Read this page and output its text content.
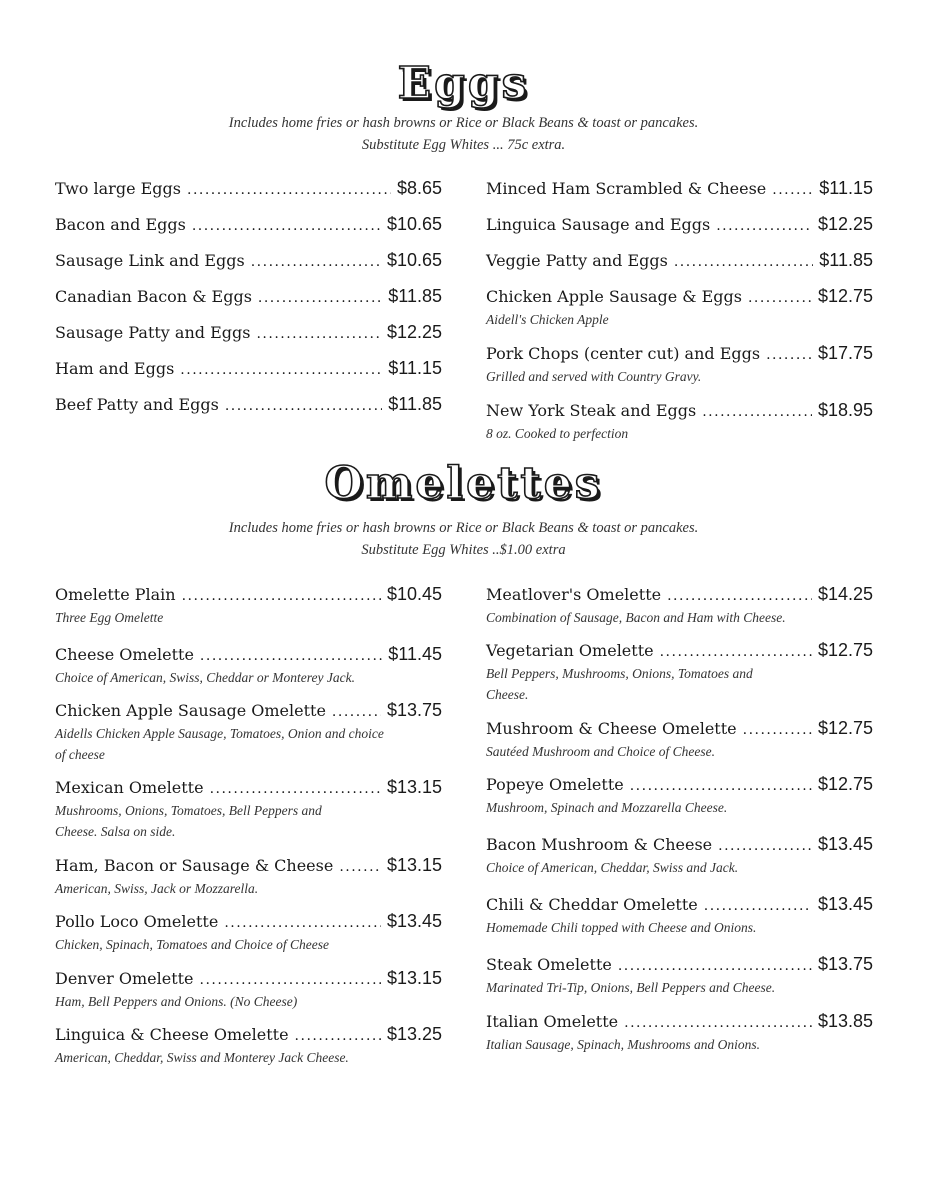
Eggs

Includes home fries or hash browns or Rice or Black Beans & toast or pancakes.

Substitute Egg Whites ... 75c extra.

Two large Eggs .....	$8.65
Bacon and Eggs .....	$10.65
Sausage Link and Eggs .....	$10.65
Canadian Bacon & Eggs .....	$11.85
Sausage Patty and Eggs .....	$12.25
Ham and Eggs .....	$11.15
Beef Patty and Eggs .....	$11.85
Minced Ham Scrambled & Cheese .....	$11.15
Linguica Sausage and Eggs .....	$12.25
Veggie Patty and Eggs .....	$11.85
Chicken Apple Sausage & Eggs .....	$12.75
Aidell's Chicken Apple
Pork Chops (center cut) and Eggs .....	$17.75
Grilled and served with Country Gravy.
New York Steak and Eggs .....	$18.95
8 oz. Cooked to perfection
Omelettes

Includes home fries or hash browns or Rice or Black Beans & toast or pancakes.

Substitute Egg Whites ..$1.00 extra

Omelette Plain .....	$10.45
Three Egg Omelette
Cheese Omelette .....	$11.45
Choice of American, Swiss, Cheddar or Monterey Jack.
Chicken Apple Sausage Omelette .....	$13.75
Aidells Chicken Apple Sausage, Tomatoes, Onion and choice of cheese
Mexican Omelette .....	$13.15
Mushrooms, Onions, Tomatoes, Bell Peppers and Cheese. Salsa on side.
Ham, Bacon or Sausage & Cheese .....	$13.15
American, Swiss, Jack or Mozzarella.
Pollo Loco Omelette .....	$13.45
Chicken, Spinach, Tomatoes and Choice of Cheese
Denver Omelette .....	$13.15
Ham, Bell Peppers and Onions. (No Cheese)
Linguica & Cheese Omelette .....	$13.25
American, Cheddar, Swiss and Monterey Jack Cheese.
Meatlover's Omelette .....	$14.25
Combination of Sausage, Bacon and Ham with Cheese.
Vegetarian Omelette .....	$12.75
Bell Peppers, Mushrooms, Onions, Tomatoes and Cheese.
Mushroom & Cheese Omelette .....	$12.75
Sautéed Mushroom and Choice of Cheese.
Popeye Omelette .....	$12.75
Mushroom, Spinach and Mozzarella Cheese.
Bacon Mushroom & Cheese .....	$13.45
Choice of American, Cheddar, Swiss and Jack.
Chili & Cheddar Omelette .....	$13.45
Homemade Chili topped with Cheese and Onions.
Steak Omelette .....	$13.75
Marinated Tri-Tip, Onions, Bell Peppers and Cheese.
Italian Omelette .....	$13.85
Italian Sausage, Spinach, Mushrooms and Onions.
